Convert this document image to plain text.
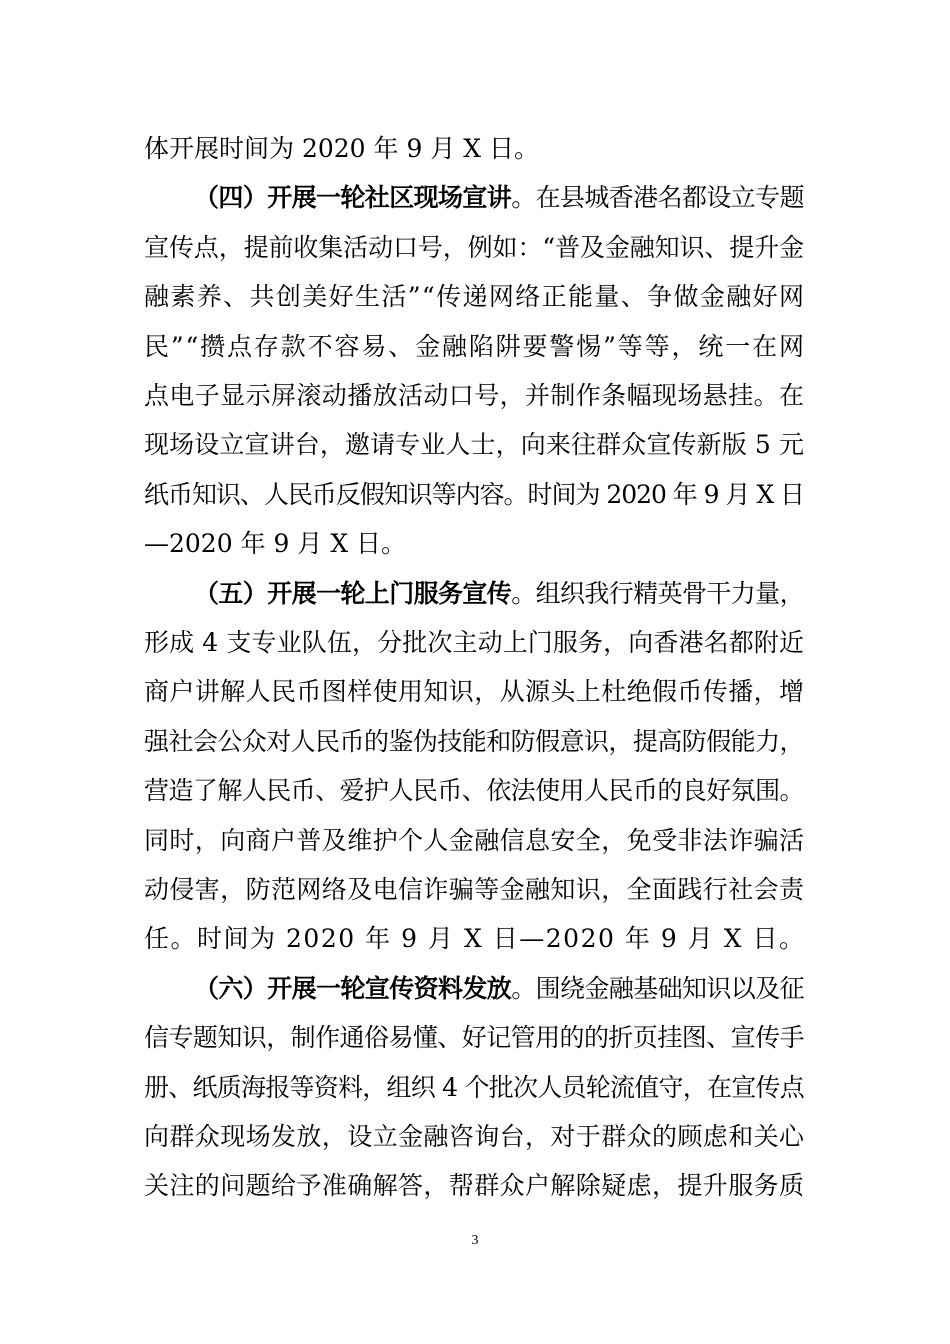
体开展时间为 2020 年 9 月 X 日。
（四）开展一轮社区现场宣讲。在县城香港名都设立专题
宣传点，提前收集活动口号，例如：“普及金融知识、提升金
融素养、共创美好生活”“传递网络正能量、争做金融好网
民”“攒点存款不容易、金融陷阱要警惕”等等，统一在网
点电子显示屏滚动播放活动口号，并制作条幅现场悬挂。在
现场设立宣讲台，邀请专业人士，向来往群众宣传新版 5 元
纸币知识、人民币反假知识等内容。时间为 2020 年 9 月 X 日
—2020 年 9 月 X 日。
（五）开展一轮上门服务宣传。组织我行精英骨干力量，
形成 4 支专业队伍，分批次主动上门服务，向香港名都附近
商户讲解人民币图样使用知识，从源头上杜绝假币传播，增
强社会公众对人民币的鉴伪技能和防假意识，提高防假能力，
营造了解人民币、爱护人民币、依法使用人民币的良好氛围。
同时，向商户普及维护个人金融信息安全，免受非法诈骗活
动侵害，防范网络及电信诈骗等金融知识，全面践行社会责
任。时间为 2020 年 9 月 X 日—2020 年 9 月 X 日。
（六）开展一轮宣传资料发放。围绕金融基础知识以及征
信专题知识，制作通俗易懂、好记管用的的折页挂图、宣传手
册、纸质海报等资料，组织 4 个批次人员轮流值守，在宣传点
向群众现场发放，设立金融咨询台，对于群众的顾虑和关心
关注的问题给予准确解答，帮群众户解除疑虑，提升服务质
3
